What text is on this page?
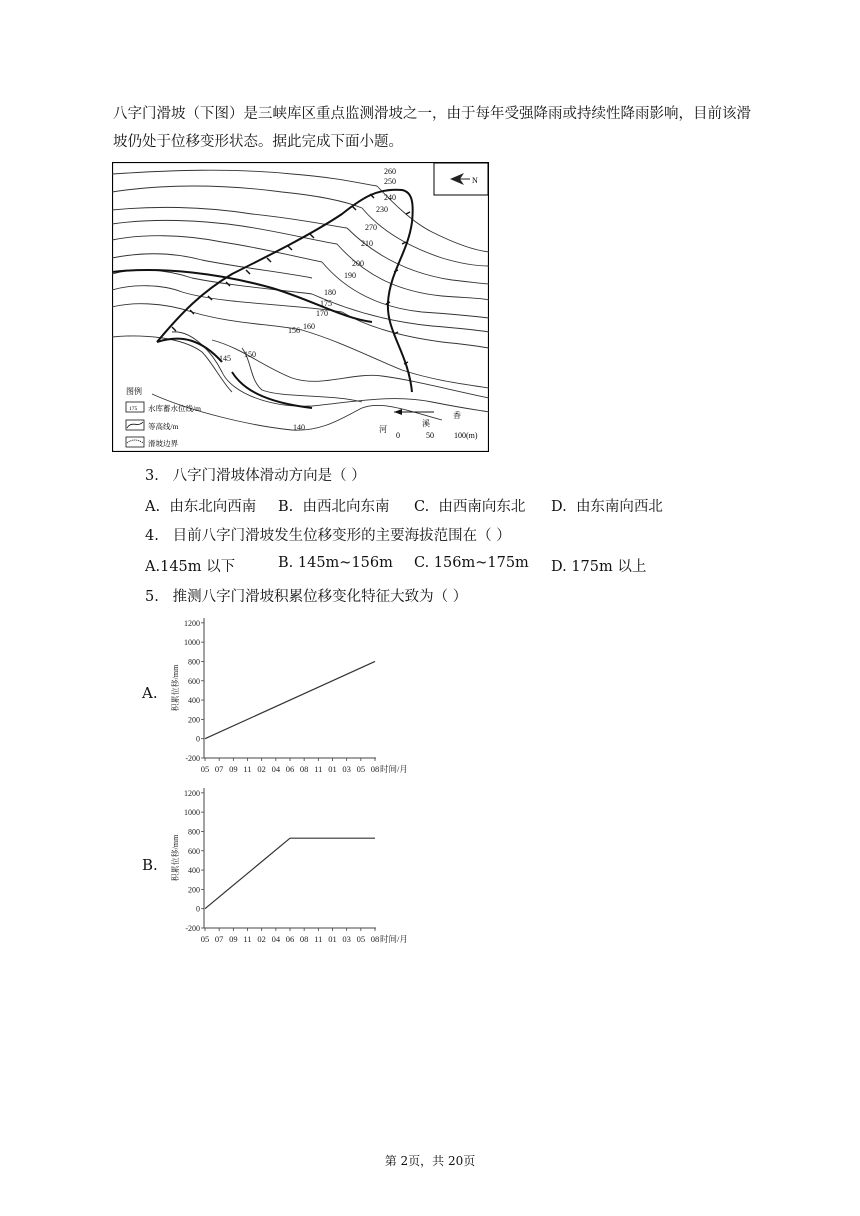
八字门滑坡（下图）是三峡库区重点监测滑坡之一，由于每年受强降雨或持续性降雨影响，目前该滑坡仍处于位移变形状态。据此完成下面小题。

N
260
250
240
230
270
210
200
190
180
175
170
160
156
150
145
140
图例
175 水库蓄水位线/m
等高线/m
滑坡边界
香
溪
河
0	50	100(m)

3. 八字门滑坡体滑动方向是（ ）

A. 由东北向西南 B. 由西北向东南 C. 由西南向东北 D. 由东南向西北

4. 目前八字门滑坡发生位移变形的主要海拔范围在（ ）

A.145m 以下	B. 145m~156m C. 156m~175m D. 175m 以上

5. 推测八字门滑坡积累位移变化特征大致为（ ）

A.
-200
0
200
400
600
800
1000
1200
05 07 09 11 02 04 06 08 11 01 03 05 08 时间/月
积累位移/mm
B.
-200
0
200
400
600
800
1000
1200
05 07 09 11 02 04 06 08 11 01 03 05 08 时间/月
积累位移/mm
第 2页，共 20页
